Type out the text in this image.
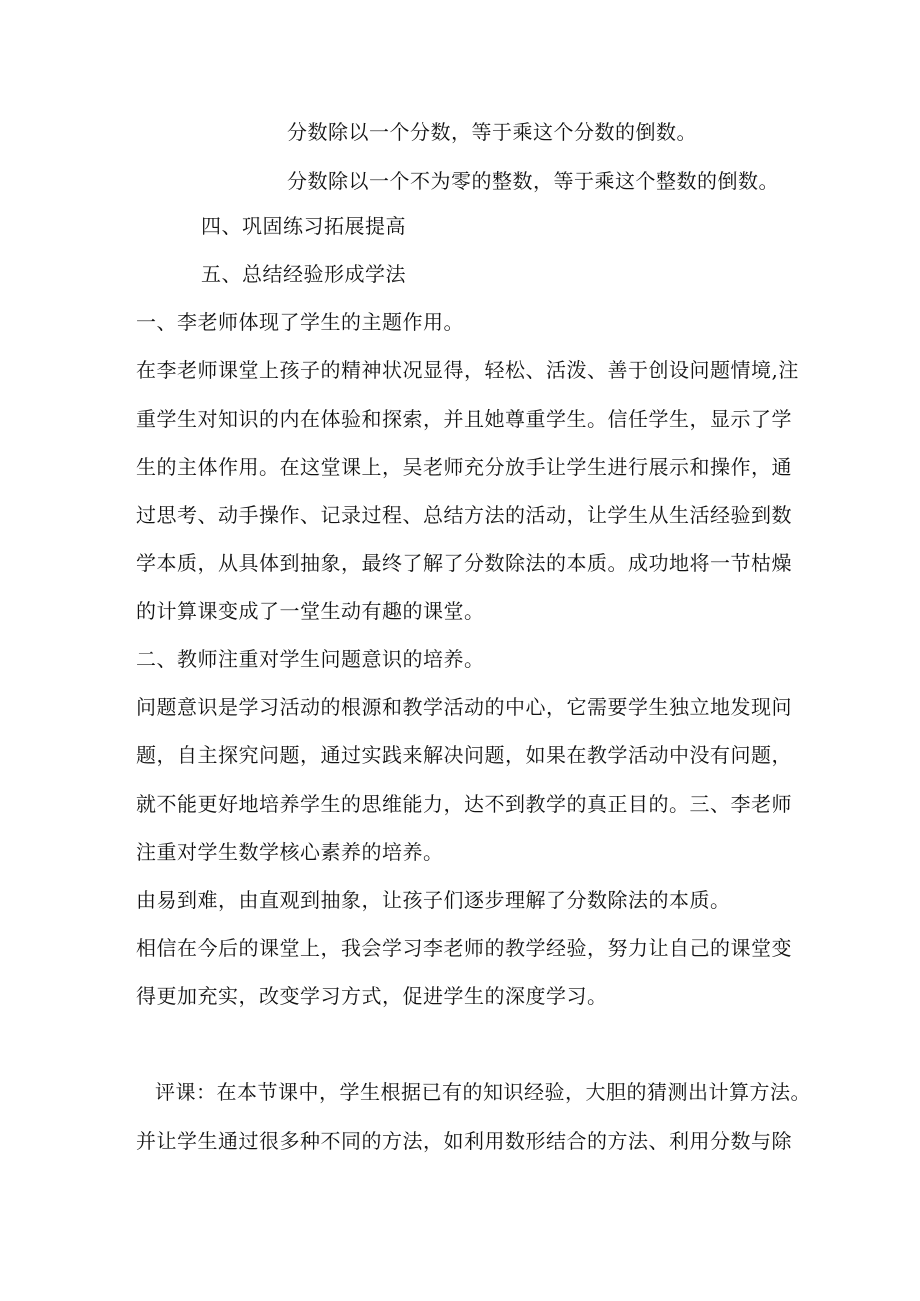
分数除以一个分数，等于乘这个分数的倒数。
分数除以一个不为零的整数，等于乘这个整数的倒数。
四、巩固练习拓展提高
五、总结经验形成学法
一、李老师体现了学生的主题作用。
在李老师课堂上孩子的精神状况显得，轻松、活泼、善于创设问题情境,注
重学生对知识的内在体验和探索，并且她尊重学生。信任学生，显示了学
生的主体作用。在这堂课上，吴老师充分放手让学生进行展示和操作，通
过思考、动手操作、记录过程、总结方法的活动，让学生从生活经验到数
学本质，从具体到抽象，最终了解了分数除法的本质。成功地将一节枯燥
的计算课变成了一堂生动有趣的课堂。
二、教师注重对学生问题意识的培养。
问题意识是学习活动的根源和教学活动的中心，它需要学生独立地发现问
题，自主探究问题，通过实践来解决问题，如果在教学活动中没有问题，
就不能更好地培养学生的思维能力，达不到教学的真正目的。三、李老师
注重对学生数学核心素养的培养。
由易到难，由直观到抽象，让孩子们逐步理解了分数除法的本质。
相信在今后的课堂上，我会学习李老师的教学经验，努力让自己的课堂变
得更加充实，改变学习方式，促进学生的深度学习。
评课：在本节课中，学生根据已有的知识经验，大胆的猜测出计算方法。
并让学生通过很多种不同的方法，如利用数形结合的方法、利用分数与除
